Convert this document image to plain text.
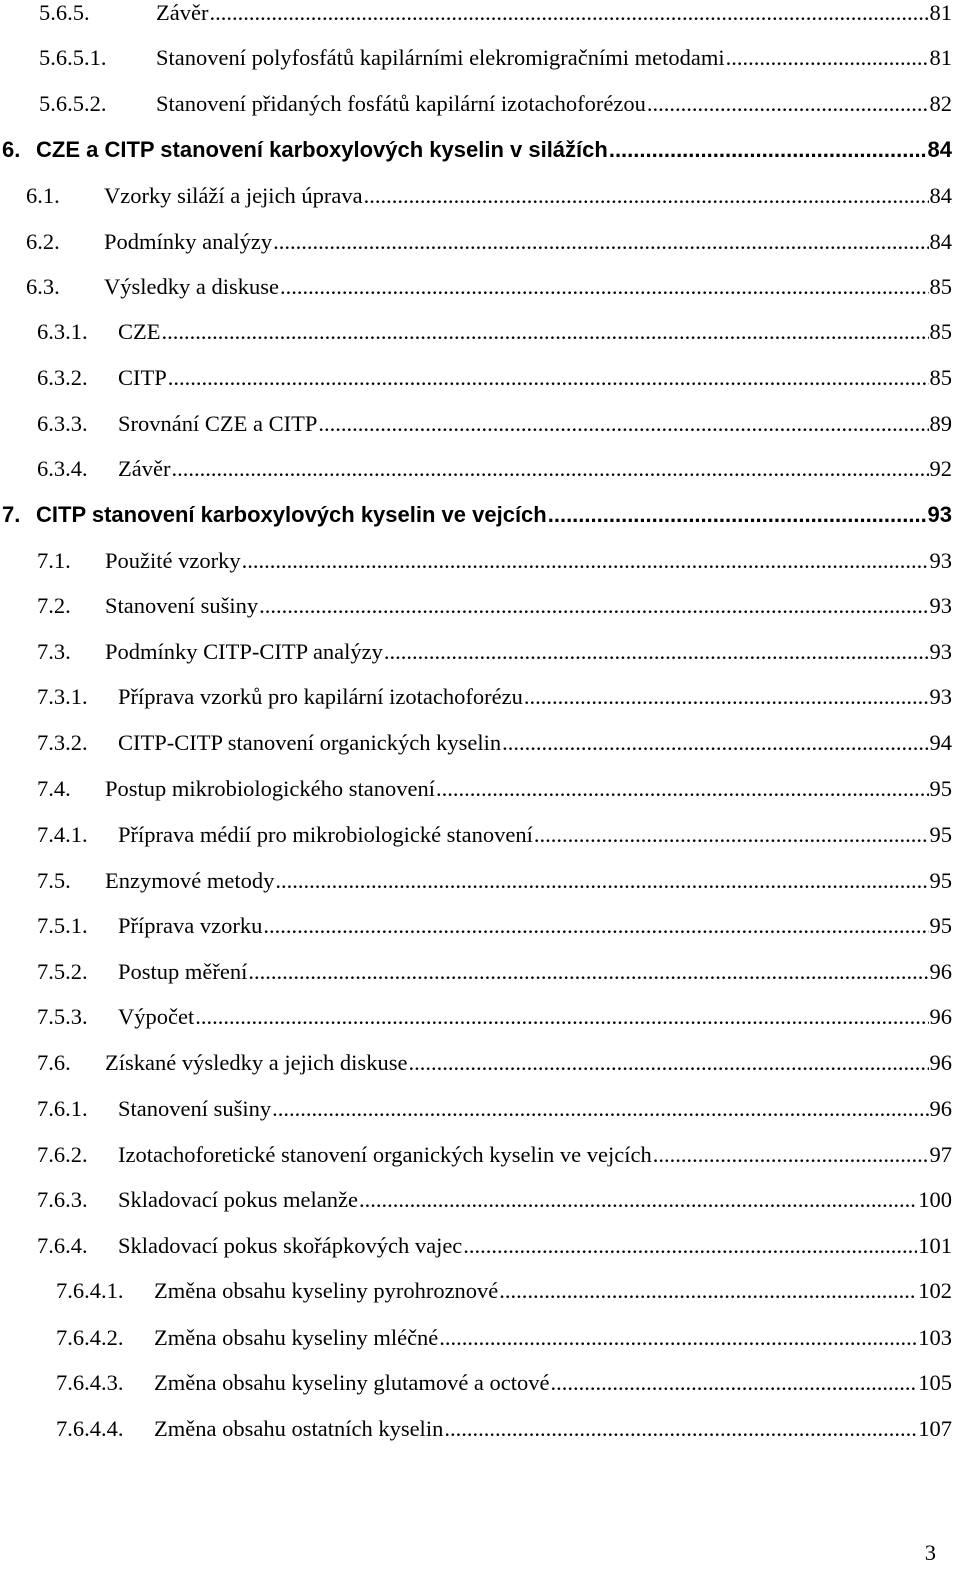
5.6.5.	Závěr .....	81
5.6.5.1.	Stanovení polyfosfátů kapilárními elekromigračními metodami .....	81
5.6.5.2.	Stanovení přidaných fosfátů kapilární izotachoforézou .....	82
6. CZE a CITP stanovení karboxylových kyselin v silážích .....	84
6.1.	Vzorky siláží a jejich úprava .....	84
6.2.	Podmínky analýzy .....	84
6.3.	Výsledky a diskuse .....	85
6.3.1.	CZE .....	85
6.3.2.	CITP .....	85
6.3.3.	Srovnání CZE a CITP .....	89
6.3.4.	Závěr .....	92
7. CITP stanovení karboxylových kyselin ve vejcích .....	93
7.1.	Použité vzorky .....	93
7.2.	Stanovení sušiny .....	93
7.3.	Podmínky CITP-CITP analýzy .....	93
7.3.1.	Příprava vzorků pro kapilární izotachoforézu .....	93
7.3.2.	CITP-CITP stanovení organických kyselin .....	94
7.4.	Postup mikrobiologického stanovení .....	95
7.4.1.	Příprava médií pro mikrobiologické stanovení .....	95
7.5.	Enzymové metody .....	95
7.5.1.	Příprava vzorku .....	95
7.5.2.	Postup měření .....	96
7.5.3.	Výpočet .....	96
7.6.	Získané výsledky a jejich diskuse .....	96
7.6.1.	Stanovení sušiny .....	96
7.6.2.	Izotachoforetické stanovení organických kyselin ve vejcích .....	97
7.6.3.	Skladovací pokus melanže .....	100
7.6.4.	Skladovací pokus skořápkových vajec .....	101
7.6.4.1.	Změna obsahu kyseliny pyrohroznové .....	102
7.6.4.2.	Změna obsahu kyseliny mléčné .....	103
7.6.4.3.	Změna obsahu kyseliny glutamové a octové .....	105
7.6.4.4.	Změna obsahu ostatních kyselin .....	107
3
